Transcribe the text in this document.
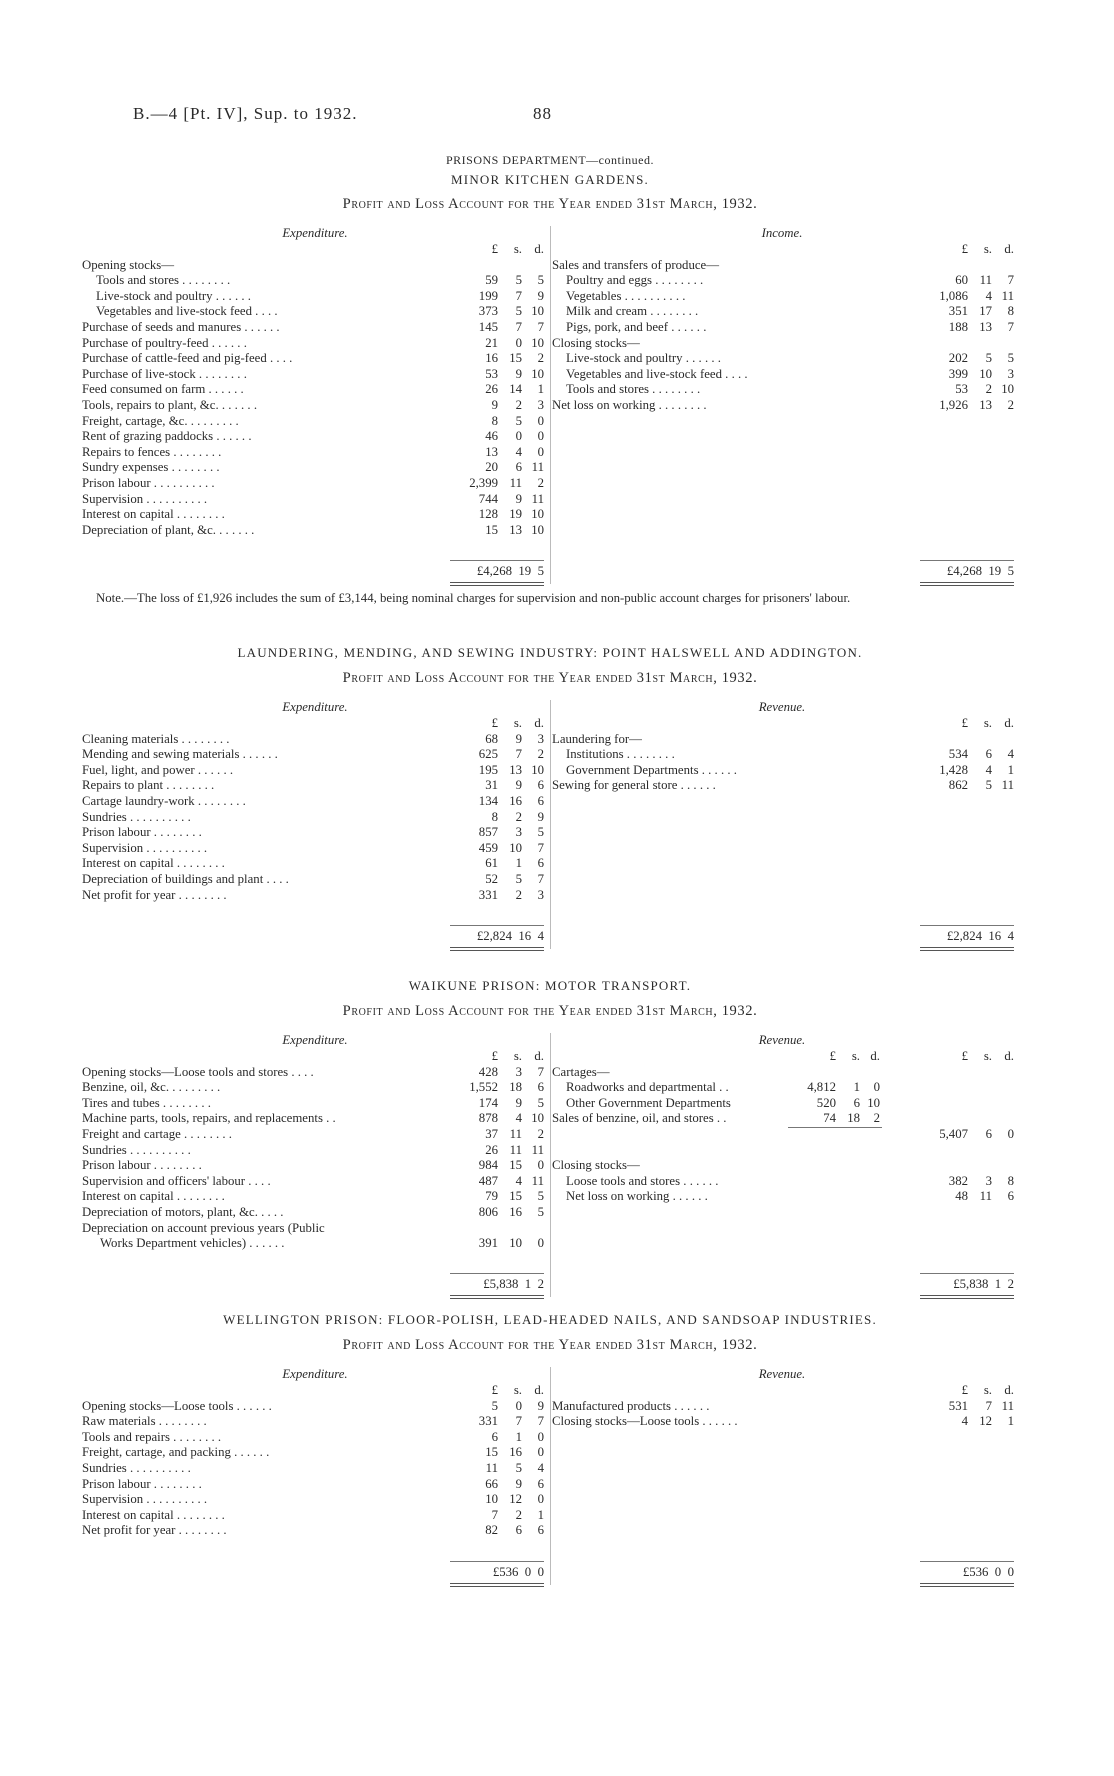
B.—4 [Pt. IV], Sup. to 1932.	88
PRISONS DEPARTMENT—continued.
MINOR KITCHEN GARDENS.
Profit and Loss Account for the Year ended 31st March, 1932.
Expenditure.
£	s. d.
Opening stocks—
Tools and stores . . . . . . . .	59	5	5
Live-stock and poultry . . . . . .	199	7	9
Vegetables and live-stock feed . . . .	373	5 10
Purchase of seeds and manures . . . . . .	145	7	7
Purchase of poultry-feed . . . . . .	21	0 10
Purchase of cattle-feed and pig-feed . . . .	16 15	2
Purchase of live-stock . . . . . . . .	53	9 10
Feed consumed on farm . . . . . .	26 14	1
Tools, repairs to plant, &c. . . . . . .	9	2	3
Freight, cartage, &c. . . . . . . . .	8	5	0
Rent of grazing paddocks . . . . . .	46	0	0
Repairs to fences . . . . . . . .	13	4	0
Sundry expenses . . . . . . . .	20	6 11
Prison labour . . . . . . . . . .	2,399 11	2
Supervision . . . . . . . . . .	744	9 11
Interest on capital . . . . . . . .	128 19 10
Depreciation of plant, &c. . . . . . .	15 13 10
£4,268  19  5
Income.
£	s. d.
Sales and transfers of produce—
Poultry and eggs . . . . . . . .	60 11	7
Vegetables . . . . . . . . . .	1,086	4 11
Milk and cream . . . . . . . .	351 17	8
Pigs, pork, and beef . . . . . .	188 13	7
Closing stocks—
Live-stock and poultry . . . . . .	202	5	5
Vegetables and live-stock feed . . . .	399 10	3
Tools and stores . . . . . . . .	53	2 10
Net loss on working . . . . . . . .	1,926 13	2
£4,268  19  5
Note.—The loss of £1,926 includes the sum of £3,144, being nominal charges for supervision and non-public account charges for prisoners' labour.
LAUNDERING, MENDING, AND SEWING INDUSTRY: POINT HALSWELL AND ADDINGTON.
Profit and Loss Account for the Year ended 31st March, 1932.
Expenditure.
£	s. d.
Cleaning materials . . . . . . . .	68	9	3
Mending and sewing materials . . . . . .	625	7	2
Fuel, light, and power . . . . . .	195 13 10
Repairs to plant . . . . . . . .	31	9	6
Cartage laundry-work . . . . . . . .	134 16	6
Sundries . . . . . . . . . .	8	2	9
Prison labour . . . . . . . .	857	3	5
Supervision . . . . . . . . . .	459 10	7
Interest on capital . . . . . . . .	61	1	6
Depreciation of buildings and plant . . . .	52	5	7
Net profit for year . . . . . . . .	331	2	3
£2,824  16  4
Revenue.
£	s. d.
Laundering for—
Institutions . . . . . . . .	534	6	4
Government Departments . . . . . .	1,428	4	1
Sewing for general store . . . . . .	862	5 11
£2,824  16  4
WAIKUNE PRISON: MOTOR TRANSPORT.
Profit and Loss Account for the Year ended 31st March, 1932.
Expenditure.
£	s. d.
Opening stocks—Loose tools and stores . . . .	428	3	7
Benzine, oil, &c. . . . . . . . .	1,552 18	6
Tires and tubes . . . . . . . .	174	9	5
Machine parts, tools, repairs, and replacements . .	878	4 10
Freight and cartage . . . . . . . .	37 11	2
Sundries . . . . . . . . . .	26 11 11
Prison labour . . . . . . . .	984 15	0
Supervision and officers' labour . . . .	487	4 11
Interest on capital . . . . . . . .	79 15	5
Depreciation of motors, plant, &c. . . . .	806 16	5
Depreciation on account previous years (Public
Works Department vehicles) . . . . . .	391 10	0
£5,838  1  2
Revenue.
£	s. d.	£	s. d.
Cartages—
Roadworks and departmental . .	4,812	1	0
Other Government Departments	520	6 10
Sales of benzine, oil, and stores . .	74 18	2
5,407	6	0
Closing stocks—
Loose tools and stores . . . . . .	382	3	8
Net loss on working . . . . . .	48 11	6
£5,838  1  2
WELLINGTON PRISON: FLOOR-POLISH, LEAD-HEADED NAILS, AND SANDSOAP INDUSTRIES.
Profit and Loss Account for the Year ended 31st March, 1932.
Expenditure.
£	s. d.
Opening stocks—Loose tools . . . . . .	5	0	9
Raw materials . . . . . . . .	331	7	7
Tools and repairs . . . . . . . .	6	1	0
Freight, cartage, and packing . . . . . .	15 16	0
Sundries . . . . . . . . . .	11	5	4
Prison labour . . . . . . . .	66	9	6
Supervision . . . . . . . . . .	10 12	0
Interest on capital . . . . . . . .	7	2	1
Net profit for year . . . . . . . .	82	6	6
£536  0  0
Revenue.
£	s. d.
Manufactured products . . . . . .	531	7 11
Closing stocks—Loose tools . . . . . .	4 12	1
£536  0  0
